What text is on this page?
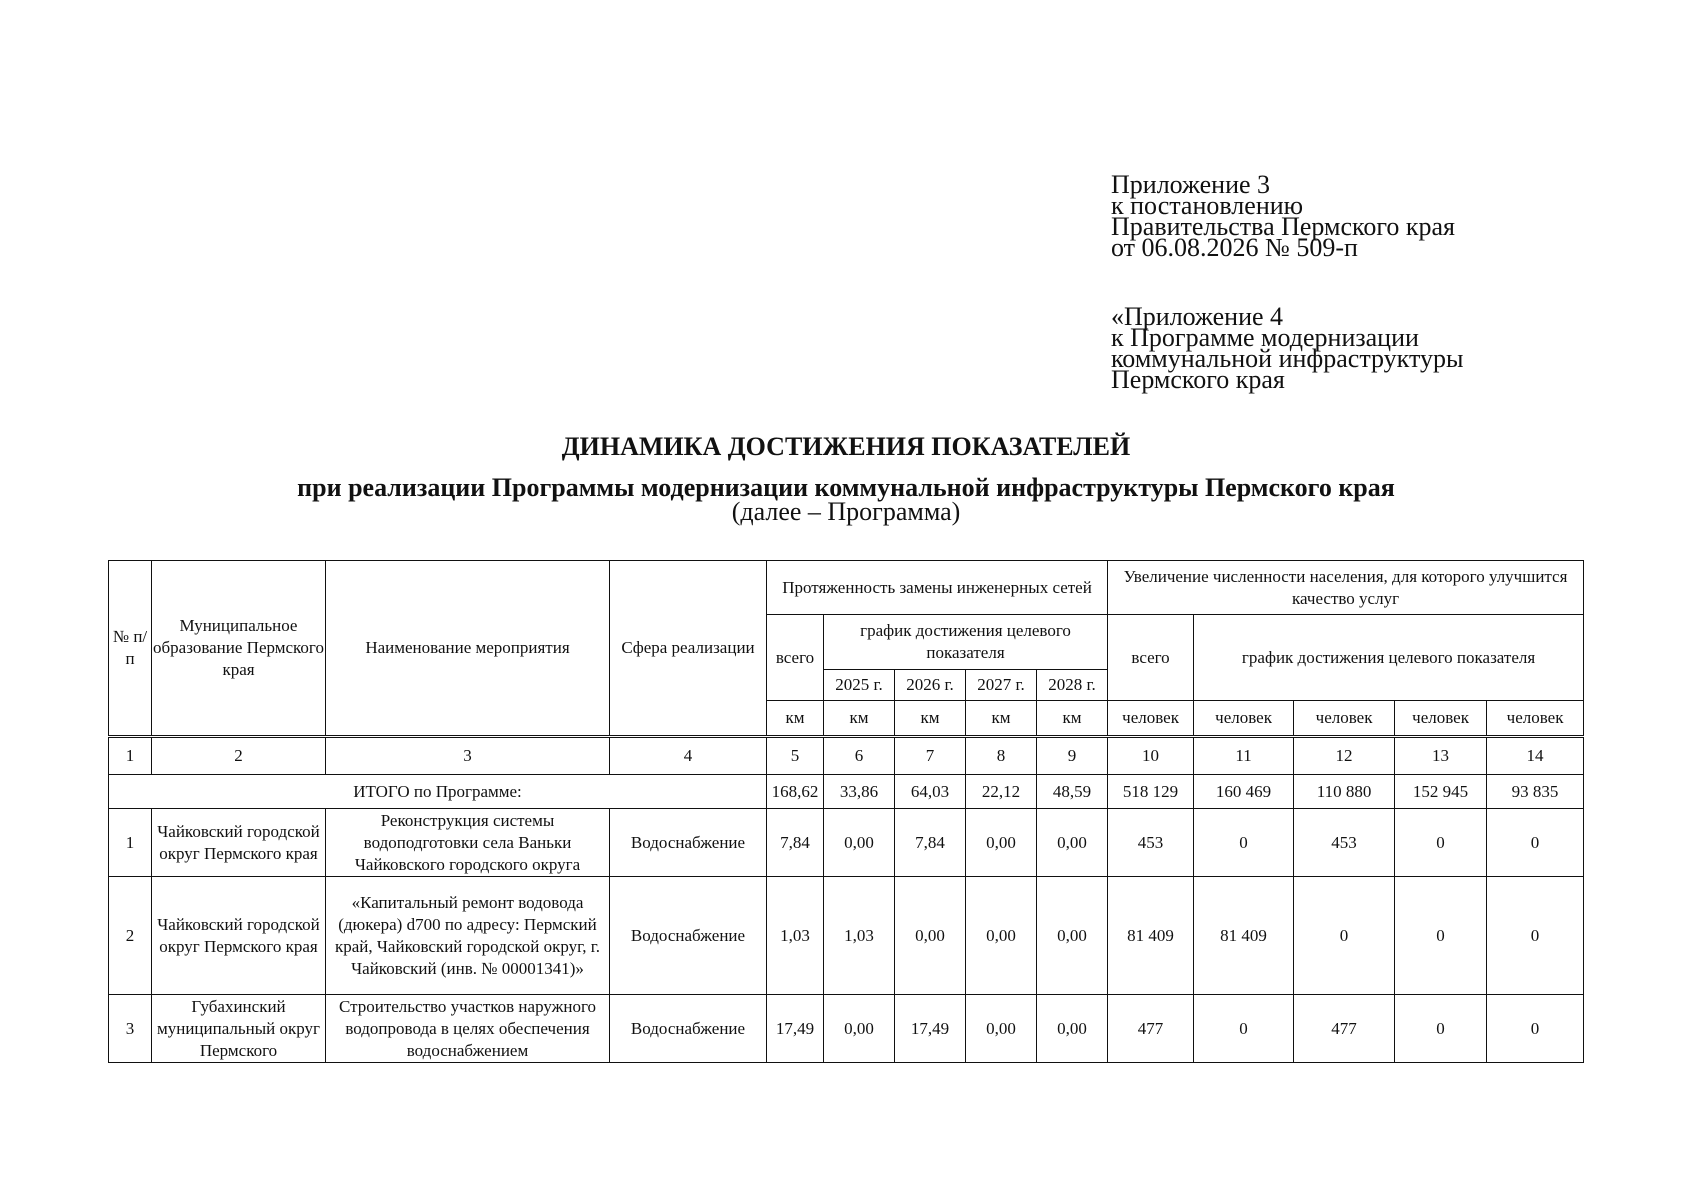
Приложение 3
к постановлению
Правительства Пермского края
от 06.08.2026 № 509-п
«Приложение 4
к Программе модернизации
коммунальной инфраструктуры
Пермского края
ДИНАМИКА ДОСТИЖЕНИЯ ПОКАЗАТЕЛЕЙ
при реализации Программы модернизации коммунальной инфраструктуры Пермского края
(далее – Программа)
№ п/п	Муниципальное образование Пермского края	Наименование мероприятия	Сфера реализации	Протяженность замены инженерных сетей					Увеличение численности населения, для которого улучшится качество услуг				
				всего	график достижения целевого показателя				всего	график достижения целевого показателя			
					2025 г.	2026 г.	2027 г.	2028 г.					
				км	км	км	км	км	человек	человек	человек	человек	человек
1	2	3	4	5	6	7	8	9	10	11	12	13	14
ИТОГО по Программе:				168,62	33,86	64,03	22,12	48,59	518 129	160 469	110 880	152 945	93 835
1	Чайковский городской округ Пермского края	Реконструкция системы водоподготовки села Ваньки Чайковского городского округа	Водоснабжение	7,84	0,00	7,84	0,00	0,00	453	0	453	0	0
2	Чайковский городской округ Пермского края	«Капитальный ремонт водовода (дюкера) d700 по адресу: Пермский край, Чайковский городской округ, г. Чайковский (инв. № 00001341)»	Водоснабжение	1,03	1,03	0,00	0,00	0,00	81 409	81 409	0	0	0
3	Губахинский муниципальный округ Пермского	Строительство участков наружного водопровода в целях обеспечения водоснабжением	Водоснабжение	17,49	0,00	17,49	0,00	0,00	477	0	477	0	0
